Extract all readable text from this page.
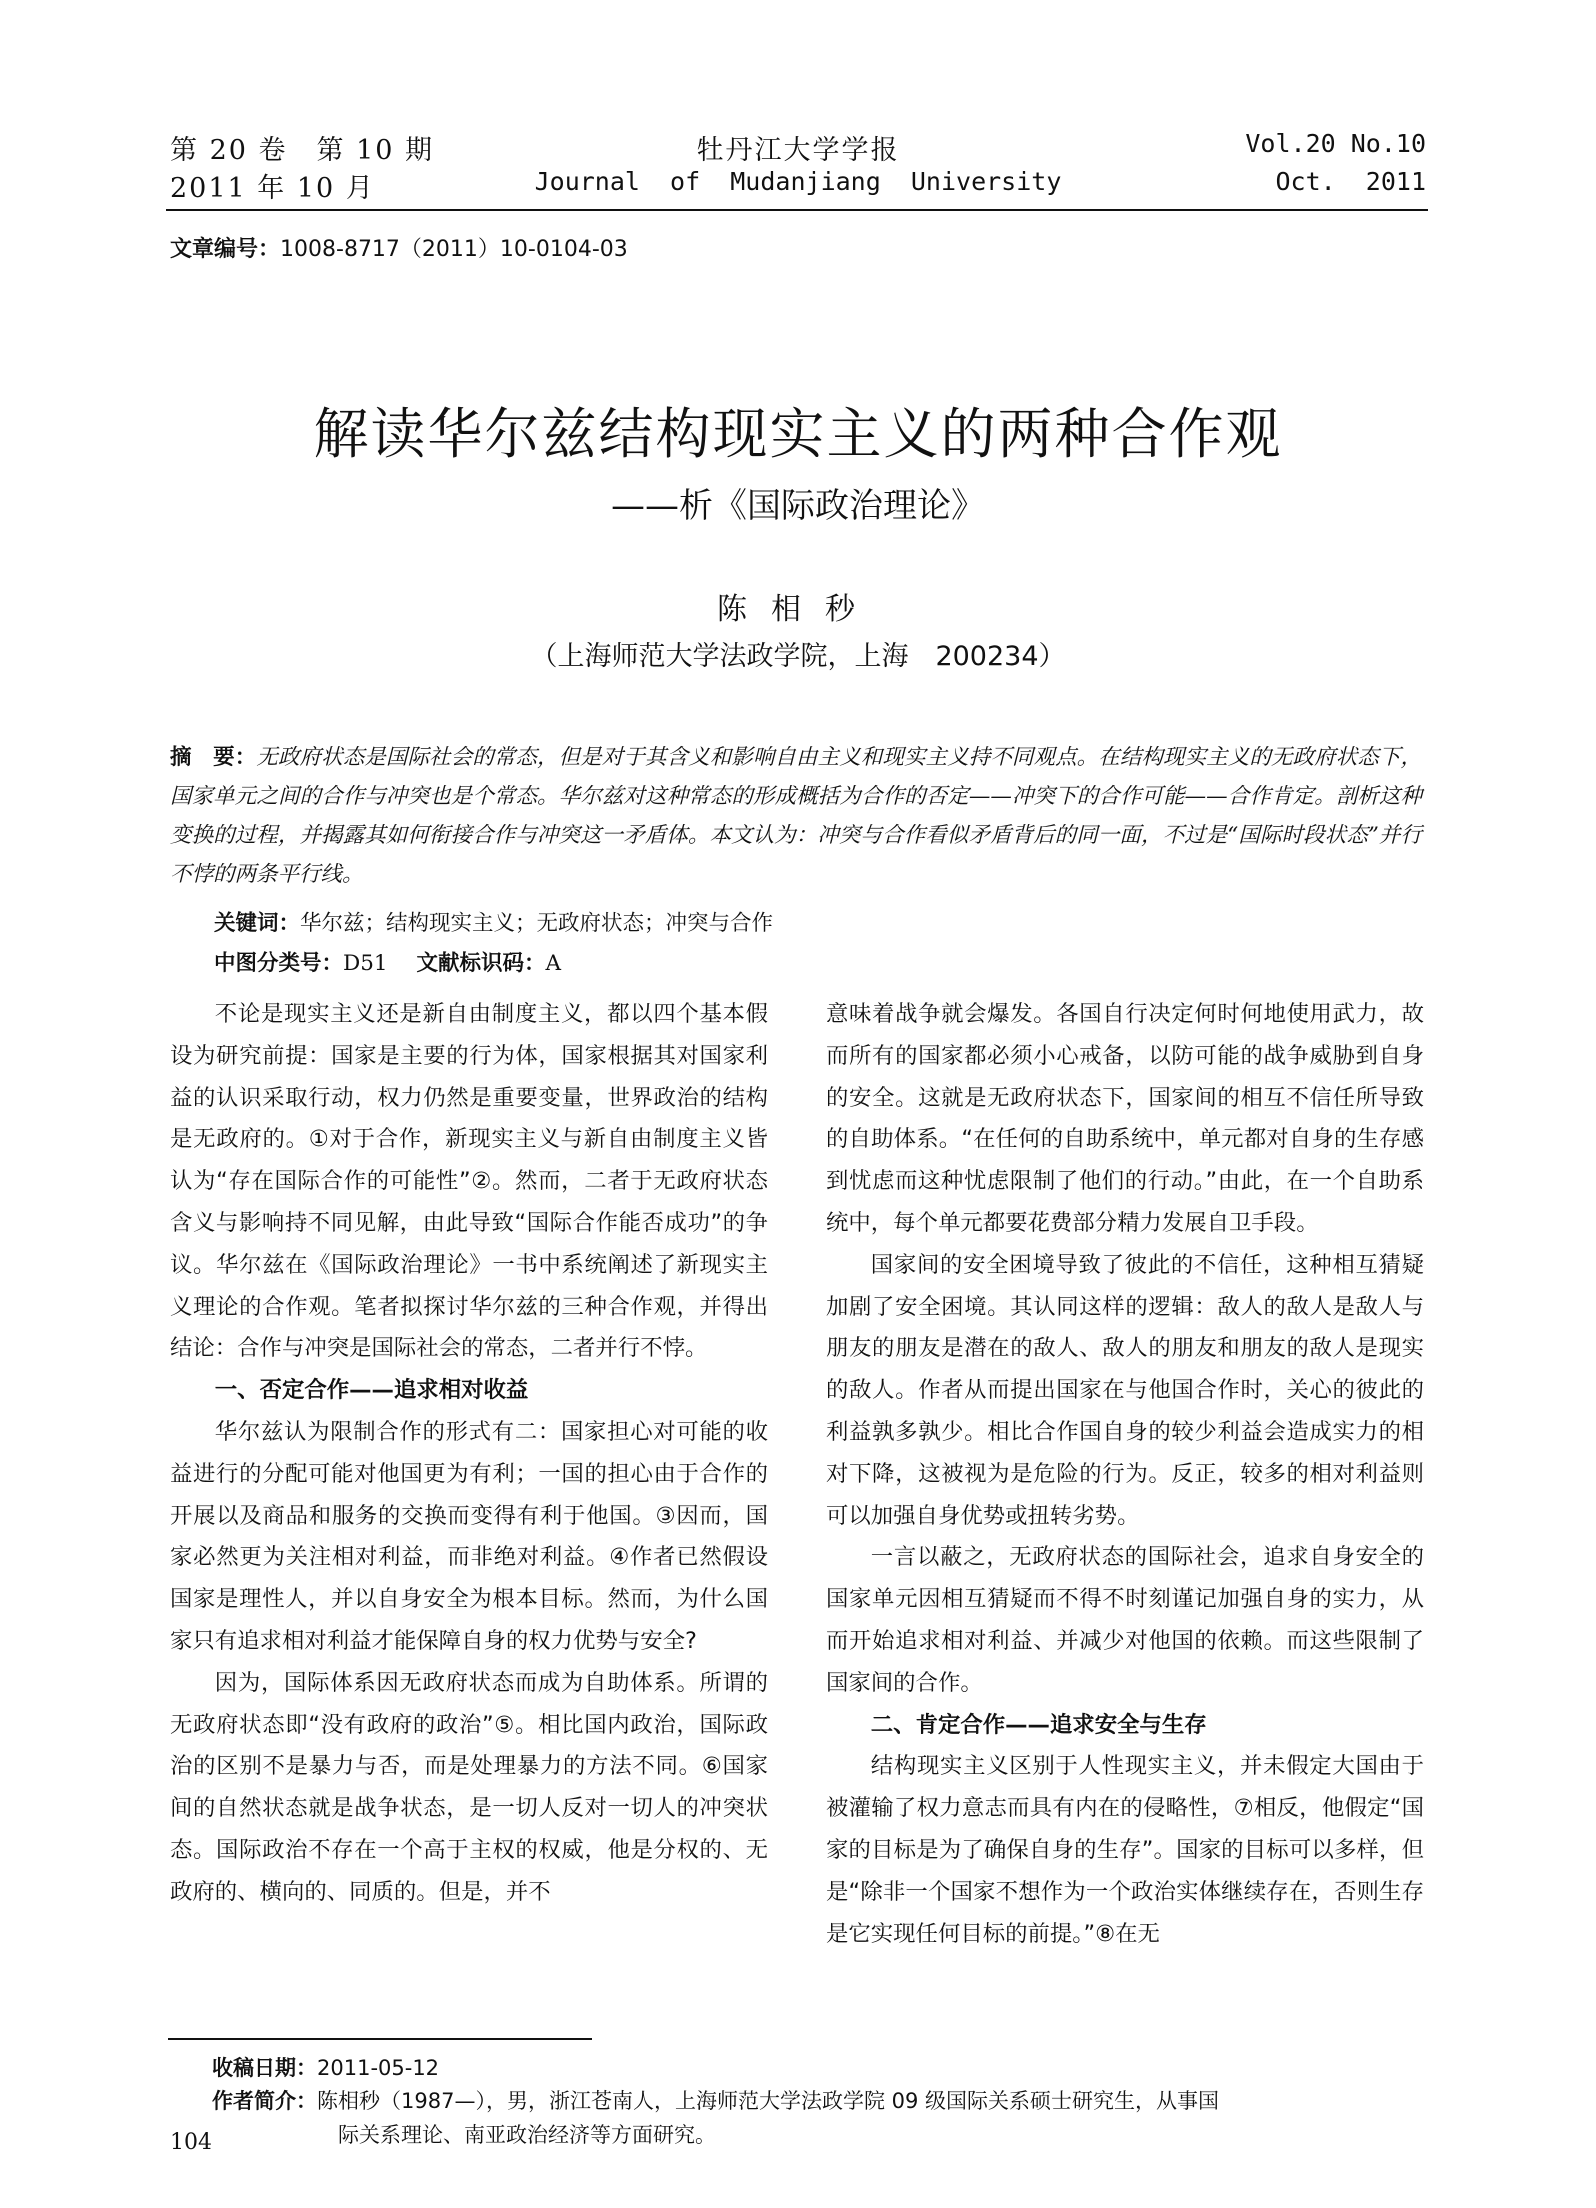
第 20 卷　第 10 期
2011 年 10 月
牡丹江大学学报
Journal  of  Mudanjiang  University
Vol.20 No.10
Oct.  2011
文章编号：1008-8717（2011）10-0104-03
解读华尔兹结构现实主义的两种合作观
——析《国际政治理论》
陈相秒
（上海师范大学法政学院，上海　200234）
摘　要：无政府状态是国际社会的常态，但是对于其含义和影响自由主义和现实主义持不同观点。在结构现实主义的无政府状态下，国家单元之间的合作与冲突也是个常态。华尔兹对这种常态的形成概括为合作的否定——冲突下的合作可能——合作肯定。剖析这种变换的过程，并揭露其如何衔接合作与冲突这一矛盾体。本文认为：冲突与合作看似矛盾背后的同一面，不过是“国际时段状态”并行不悖的两条平行线。
关键词：华尔兹；结构现实主义；无政府状态；冲突与合作
中图分类号：D51 文献标识码：A

不论是现实主义还是新自由制度主义，都以四个基本假设为研究前提：国家是主要的行为体，国家根据其对国家利益的认识采取行动，权力仍然是重要变量，世界政治的结构是无政府的。①对于合作，新现实主义与新自由制度主义皆认为“存在国际合作的可能性”②。然而，二者于无政府状态含义与影响持不同见解，由此导致“国际合作能否成功”的争议。华尔兹在《国际政治理论》一书中系统阐述了新现实主义理论的合作观。笔者拟探讨华尔兹的三种合作观，并得出结论：合作与冲突是国际社会的常态，二者并行不悖。

一、否定合作——追求相对收益

华尔兹认为限制合作的形式有二：国家担心对可能的收益进行的分配可能对他国更为有利；一国的担心由于合作的开展以及商品和服务的交换而变得有利于他国。③因而，国家必然更为关注相对利益，而非绝对利益。④作者已然假设国家是理性人，并以自身安全为根本目标。然而，为什么国家只有追求相对利益才能保障自身的权力优势与安全?

因为，国际体系因无政府状态而成为自助体系。所谓的无政府状态即“没有政府的政治”⑤。相比国内政治，国际政治的区别不是暴力与否，而是处理暴力的方法不同。⑥国家间的自然状态就是战争状态，是一切人反对一切人的冲突状态。国际政治不存在一个高于主权的权威，他是分权的、无政府的、横向的、同质的。但是，并不

意味着战争就会爆发。各国自行决定何时何地使用武力，故而所有的国家都必须小心戒备，以防可能的战争威胁到自身的安全。这就是无政府状态下，国家间的相互不信任所导致的自助体系。“在任何的自助系统中，单元都对自身的生存感到忧虑而这种忧虑限制了他们的行动。”由此，在一个自助系统中，每个单元都要花费部分精力发展自卫手段。

国家间的安全困境导致了彼此的不信任，这种相互猜疑加剧了安全困境。其认同这样的逻辑：敌人的敌人是敌人与朋友的朋友是潜在的敌人、敌人的朋友和朋友的敌人是现实的敌人。作者从而提出国家在与他国合作时，关心的彼此的利益孰多孰少。相比合作国自身的较少利益会造成实力的相对下降，这被视为是危险的行为。反正，较多的相对利益则可以加强自身优势或扭转劣势。

一言以蔽之，无政府状态的国际社会，追求自身安全的国家单元因相互猜疑而不得不时刻谨记加强自身的实力，从而开始追求相对利益、并减少对他国的依赖。而这些限制了国家间的合作。

二、肯定合作——追求安全与生存

结构现实主义区别于人性现实主义，并未假定大国由于被灌输了权力意志而具有内在的侵略性，⑦相反，他假定“国家的目标是为了确保自身的生存”。国家的目标可以多样，但是“除非一个国家不想作为一个政治实体继续存在，否则生存是它实现任何目标的前提。”⑧在无

收稿日期：2011-05-12
作者简介：陈相秒（1987—），男，浙江苍南人，上海师范大学法政学院 09 级国际关系硕士研究生，从事国
际关系理论、南亚政治经济等方面研究。
104
